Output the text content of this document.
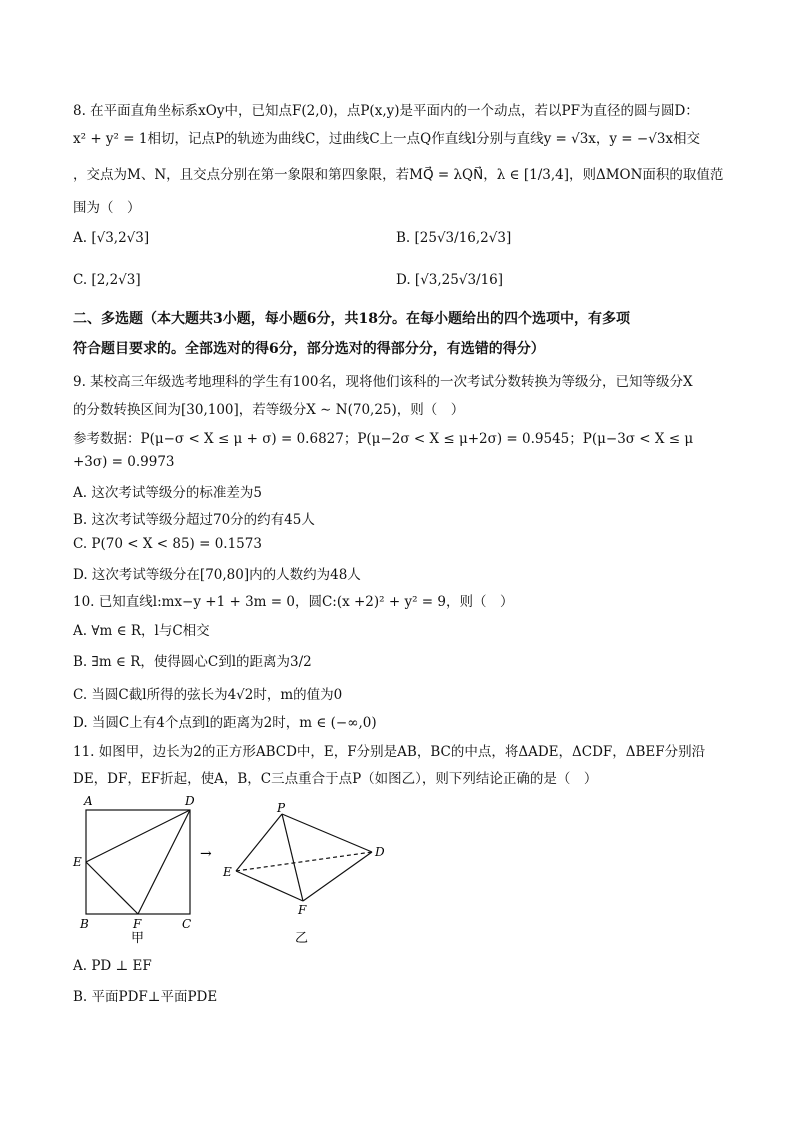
8. 在平面直角坐标系xOy中，已知点F(2,0)，点P(x,y)是平面内的一个动点，若以PF为直径的圆与圆D：
x² + y² = 1相切，记点P的轨迹为曲线C，过曲线C上一点Q作直线l分别与直线y = √3x，y = −√3x相交
，交点为M、N，且交点分别在第一象限和第四象限，若MQ⃗ = λQN⃗，λ ∈ [1/3,4]，则ΔMON面积的取值范
围为（　）
A. [√3,2√3]	B. [25√3/16,2√3]
C. [2,2√3]	D. [√3,25√3/16]
二、多选题（本大题共3小题，每小题6分，共18分。在每小题给出的四个选项中，有多项
符合题目要求的。全部选对的得6分，部分选对的得部分分，有选错的得分）
9. 某校高三年级选考地理科的学生有100名，现将他们该科的一次考试分数转换为等级分，已知等级分X
的分数转换区间为[30,100]，若等级分X ∼ N(70,25)，则（　）
参考数据：P(μ−σ < X ≤ μ + σ) = 0.6827；P(μ−2σ < X ≤ μ+2σ) = 0.9545；P(μ−3σ < X ≤ μ
+3σ) = 0.9973
A. 这次考试等级分的标准差为5
B. 这次考试等级分超过70分的约有45人
C. P(70 < X < 85) = 0.1573
D. 这次考试等级分在[70,80]内的人数约为48人
10. 已知直线l:mx−y +1 + 3m = 0，圆C:(x +2)² + y² = 9，则（　）
A. ∀m ∈ R，l与C相交
B. ∃m ∈ R，使得圆心C到l的距离为3/2
C. 当圆C截l所得的弦长为4√2时，m的值为0
D. 当圆C上有4个点到l的距离为2时，m ∈ (−∞,0)
11. 如图甲，边长为2的正方形ABCD中，E，F分别是AB，BC的中点，将ΔADE，ΔCDF，ΔBEF分别沿
DE，DF，EF折起，使A，B，C三点重合于点P（如图乙），则下列结论正确的是（　）
A	D
E
B	F	C
甲
→
P
D
E
F
乙
A. PD ⊥ EF
B. 平面PDF⊥平面PDE
